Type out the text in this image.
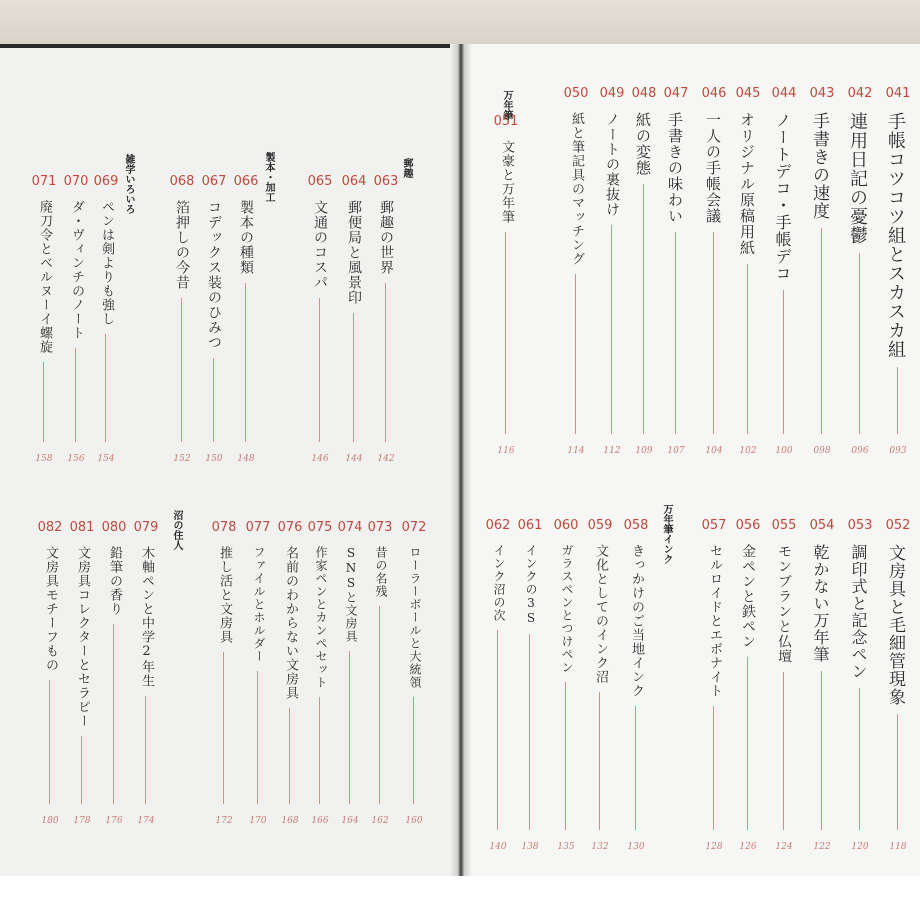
063
郵趣の世界
142
064
郵便局と風景印
144
065
文通のコスパ
146
066
製本の種類
148
067
コデックス装のひみつ
150
068
箔押しの今昔
152
069
ペンは剣よりも強し
154
070
ダ・ヴィンチのノート
156
071
廃刀令とベルヌーイ螺旋
158
郵趣
製本・加工
雑学いろいろ
072
ローラーボールと大統領
160
073
昔の名残
162
074
SNSと文房具
164
075
作家ペンとカンペセット
166
076
名前のわからない文房具
168
077
ファイルとホルダー
170
078
推し活と文房具
172
079
木軸ペンと中学2年生
174
080
鉛筆の香り
176
081
文房具コレクターとセラピー
178
082
文房具モチーフもの
180
沼の住人
041
手帳コツコツ組とスカスカ組
093
042
連用日記の憂鬱
096
043
手書きの速度
098
044
ノートデコ・手帳デコ
100
045
オリジナル原稿用紙
102
046
一人の手帳会議
104
047
手書きの味わい
107
048
紙の変態
109
049
ノートの裏抜け
112
050
紙と筆記具のマッチング
114
051
文豪と万年筆
116
万年筆
052
文房具と毛細管現象
118
053
調印式と記念ペン
120
054
乾かない万年筆
122
055
モンブランと仏壇
124
056
金ペンと鉄ペン
126
057
セルロイドとエボナイト
128
058
きっかけのご当地インク
130
059
文化としてのインク沼
132
060
ガラスペンとつけペン
135
061
インクの3S
138
062
インク沼の次
140
万年筆インク
